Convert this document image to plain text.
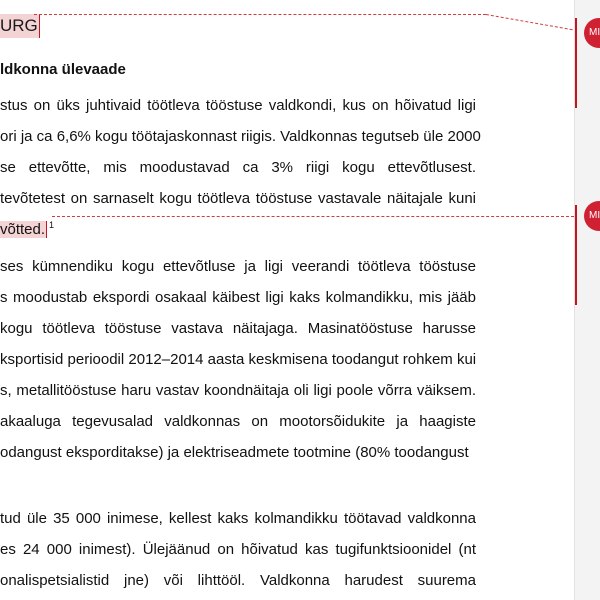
URG
ldkonna ülevaade
stus on üks juhtivaid töötleva tööstuse valdkondi, kus on hõivatud ligi
ori ja ca 6,6% kogu töötajaskonnast riigis. Valdkonnas tegutseb üle 2000
se ettevõtte, mis moodustavad ca 3% riigi kogu ettevõtlusest.
tevõtetest on sarnaselt kogu töötleva tööstuse vastavale näitajale kuni
võtted. $^1$
ses kümnendiku kogu ettevõtluse ja ligi veerandi töötleva tööstuse
s moodustab ekspordi osakaal käibest ligi kaks kolmandikku, mis jääb
kogu töötleva tööstuse vastava näitajaga. Masinatööstuse harusse
ksportisid perioodil 2012–2014 aasta keskmisena toodangut rohkem kui
s, metallitööstuse haru vastav koondnäitaja oli ligi poole võrra väiksem.
akaaluga tegevusalad valdkonnas on mootorsõidukite ja haagiste
odangust eksporditakse) ja elektriseadmete tootmine (80% toodangust
tud üle 35 000 inimese, kellest kaks kolmandikku töötavad valdkonna
es 24 000 inimest). Ülejäänud on hõivatud kas tugifunktsioonidel (nt
onalispetsialistid jne) või lihttööl. Valdkonna harudest suurema
MI
MI
